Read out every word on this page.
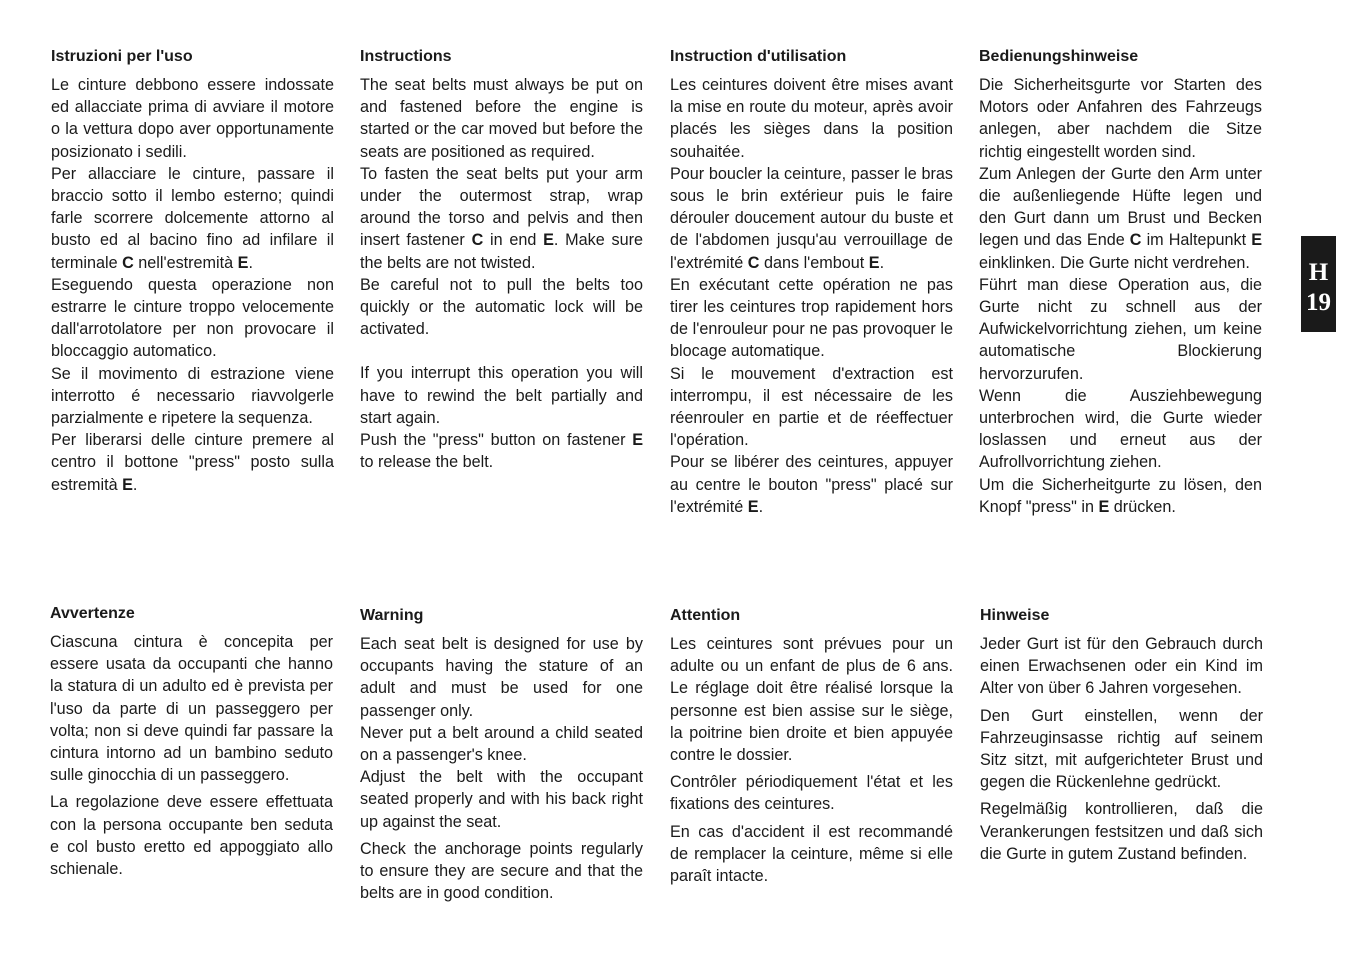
Istruzioni per l'uso

Le cinture debbono essere indossate ed allacciate prima di avviare il motore o la vettura dopo aver opportunamente posizionato i sedili.

Per allacciare le cinture, passare il braccio sotto il lembo esterno; quindi farle scorrere dolcemente attorno al busto ed al bacino fino ad infilare il terminale C nell'estremità E.

Eseguendo questa operazione non estrarre le cinture troppo velocemente dall'arrotolatore per non provocare il bloccaggio automatico.

Se il movimento di estrazione viene interrotto é necessario riavvolgerle parzialmente e ripetere la sequenza.

Per liberarsi delle cinture premere al centro il bottone "press" posto sulla estremità E.

Instructions

The seat belts must always be put on and fastened before the engine is started or the car moved but before the seats are positioned as required.

To fasten the seat belts put your arm under the outermost strap, wrap around the torso and pelvis and then insert fastener C in end E. Make sure the belts are not twisted.

Be careful not to pull the belts too quickly or the automatic lock will be activated.

If you interrupt this operation you will have to rewind the belt partially and start again.

Push the "press" button on fastener E to release the belt.

Instruction d'utilisation

Les ceintures doivent être mises avant la mise en route du moteur, après avoir placés les sièges dans la position souhaitée.

Pour boucler la ceinture, passer le bras sous le brin extérieur puis le faire dérouler doucement autour du buste et de l'abdomen jusqu'au verrouillage de l'extrémité C dans l'embout E.

En exécutant cette opération ne pas tirer les ceintures trop rapidement hors de l'enrouleur pour ne pas provoquer le blocage automatique.

Si le mouvement d'extraction est interrompu, il est nécessaire de les réenrouler en partie et de réeffectuer l'opération.

Pour se libérer des ceintures, appuyer au centre le bouton "press" placé sur l'extrémité E.

Bedienungshinweise

Die Sicherheitsgurte vor Starten des Motors oder Anfahren des Fahrzeugs anlegen, aber nachdem die Sitze richtig eingestellt worden sind.

Zum Anlegen der Gurte den Arm unter die außenliegende Hüfte legen und den Gurt dann um Brust und Becken legen und das Ende C im Haltepunkt E einklinken. Die Gurte nicht verdrehen.

Führt man diese Operation aus, die Gurte nicht zu schnell aus der Aufwickelvorrichtung ziehen, um keine automatische Blockierung hervorzurufen.

Wenn die Ausziehbewegung unterbrochen wird, die Gurte wieder loslassen und erneut aus der Aufrollvorrichtung ziehen.

Um die Sicherheitgurte zu lösen, den Knopf "press" in E drücken.

Avvertenze

Ciascuna cintura è concepita per essere usata da occupanti che hanno la statura di un adulto ed è prevista per l'uso da parte di un passeggero per volta; non si deve quindi far passare la cintura intorno ad un bambino seduto sulle ginocchia di un passeggero.

La regolazione deve essere effettuata con la persona occupante ben seduta e col busto eretto ed appoggiato allo schienale.

Warning

Each seat belt is designed for use by occupants having the stature of an adult and must be used for one passenger only.

Never put a belt around a child seated on a passenger's knee.

Adjust the belt with the occupant seated properly and with his back right up against the seat.

Check the anchorage points regularly to ensure they are secure and that the belts are in good condition.

Attention

Les ceintures sont prévues pour un adulte ou un enfant de plus de 6 ans. Le réglage doit être réalisé lorsque la personne est bien assise sur le siège, la poitrine bien droite et bien appuyée contre le dossier.

Contrôler périodiquement l'état et les fixations des ceintures.

En cas d'accident il est recommandé de remplacer la ceinture, même si elle paraît intacte.

Hinweise

Jeder Gurt ist für den Gebrauch durch einen Erwachsenen oder ein Kind im Alter von über 6 Jahren vorgesehen.

Den Gurt einstellen, wenn der Fahrzeuginsasse richtig auf seinem Sitz sitzt, mit aufgerichteter Brust und gegen die Rückenlehne gedrückt.

Regelmäßig kontrollieren, daß die Verankerungen festsitzen und daß sich die Gurte in gutem Zustand befinden.

H
19
